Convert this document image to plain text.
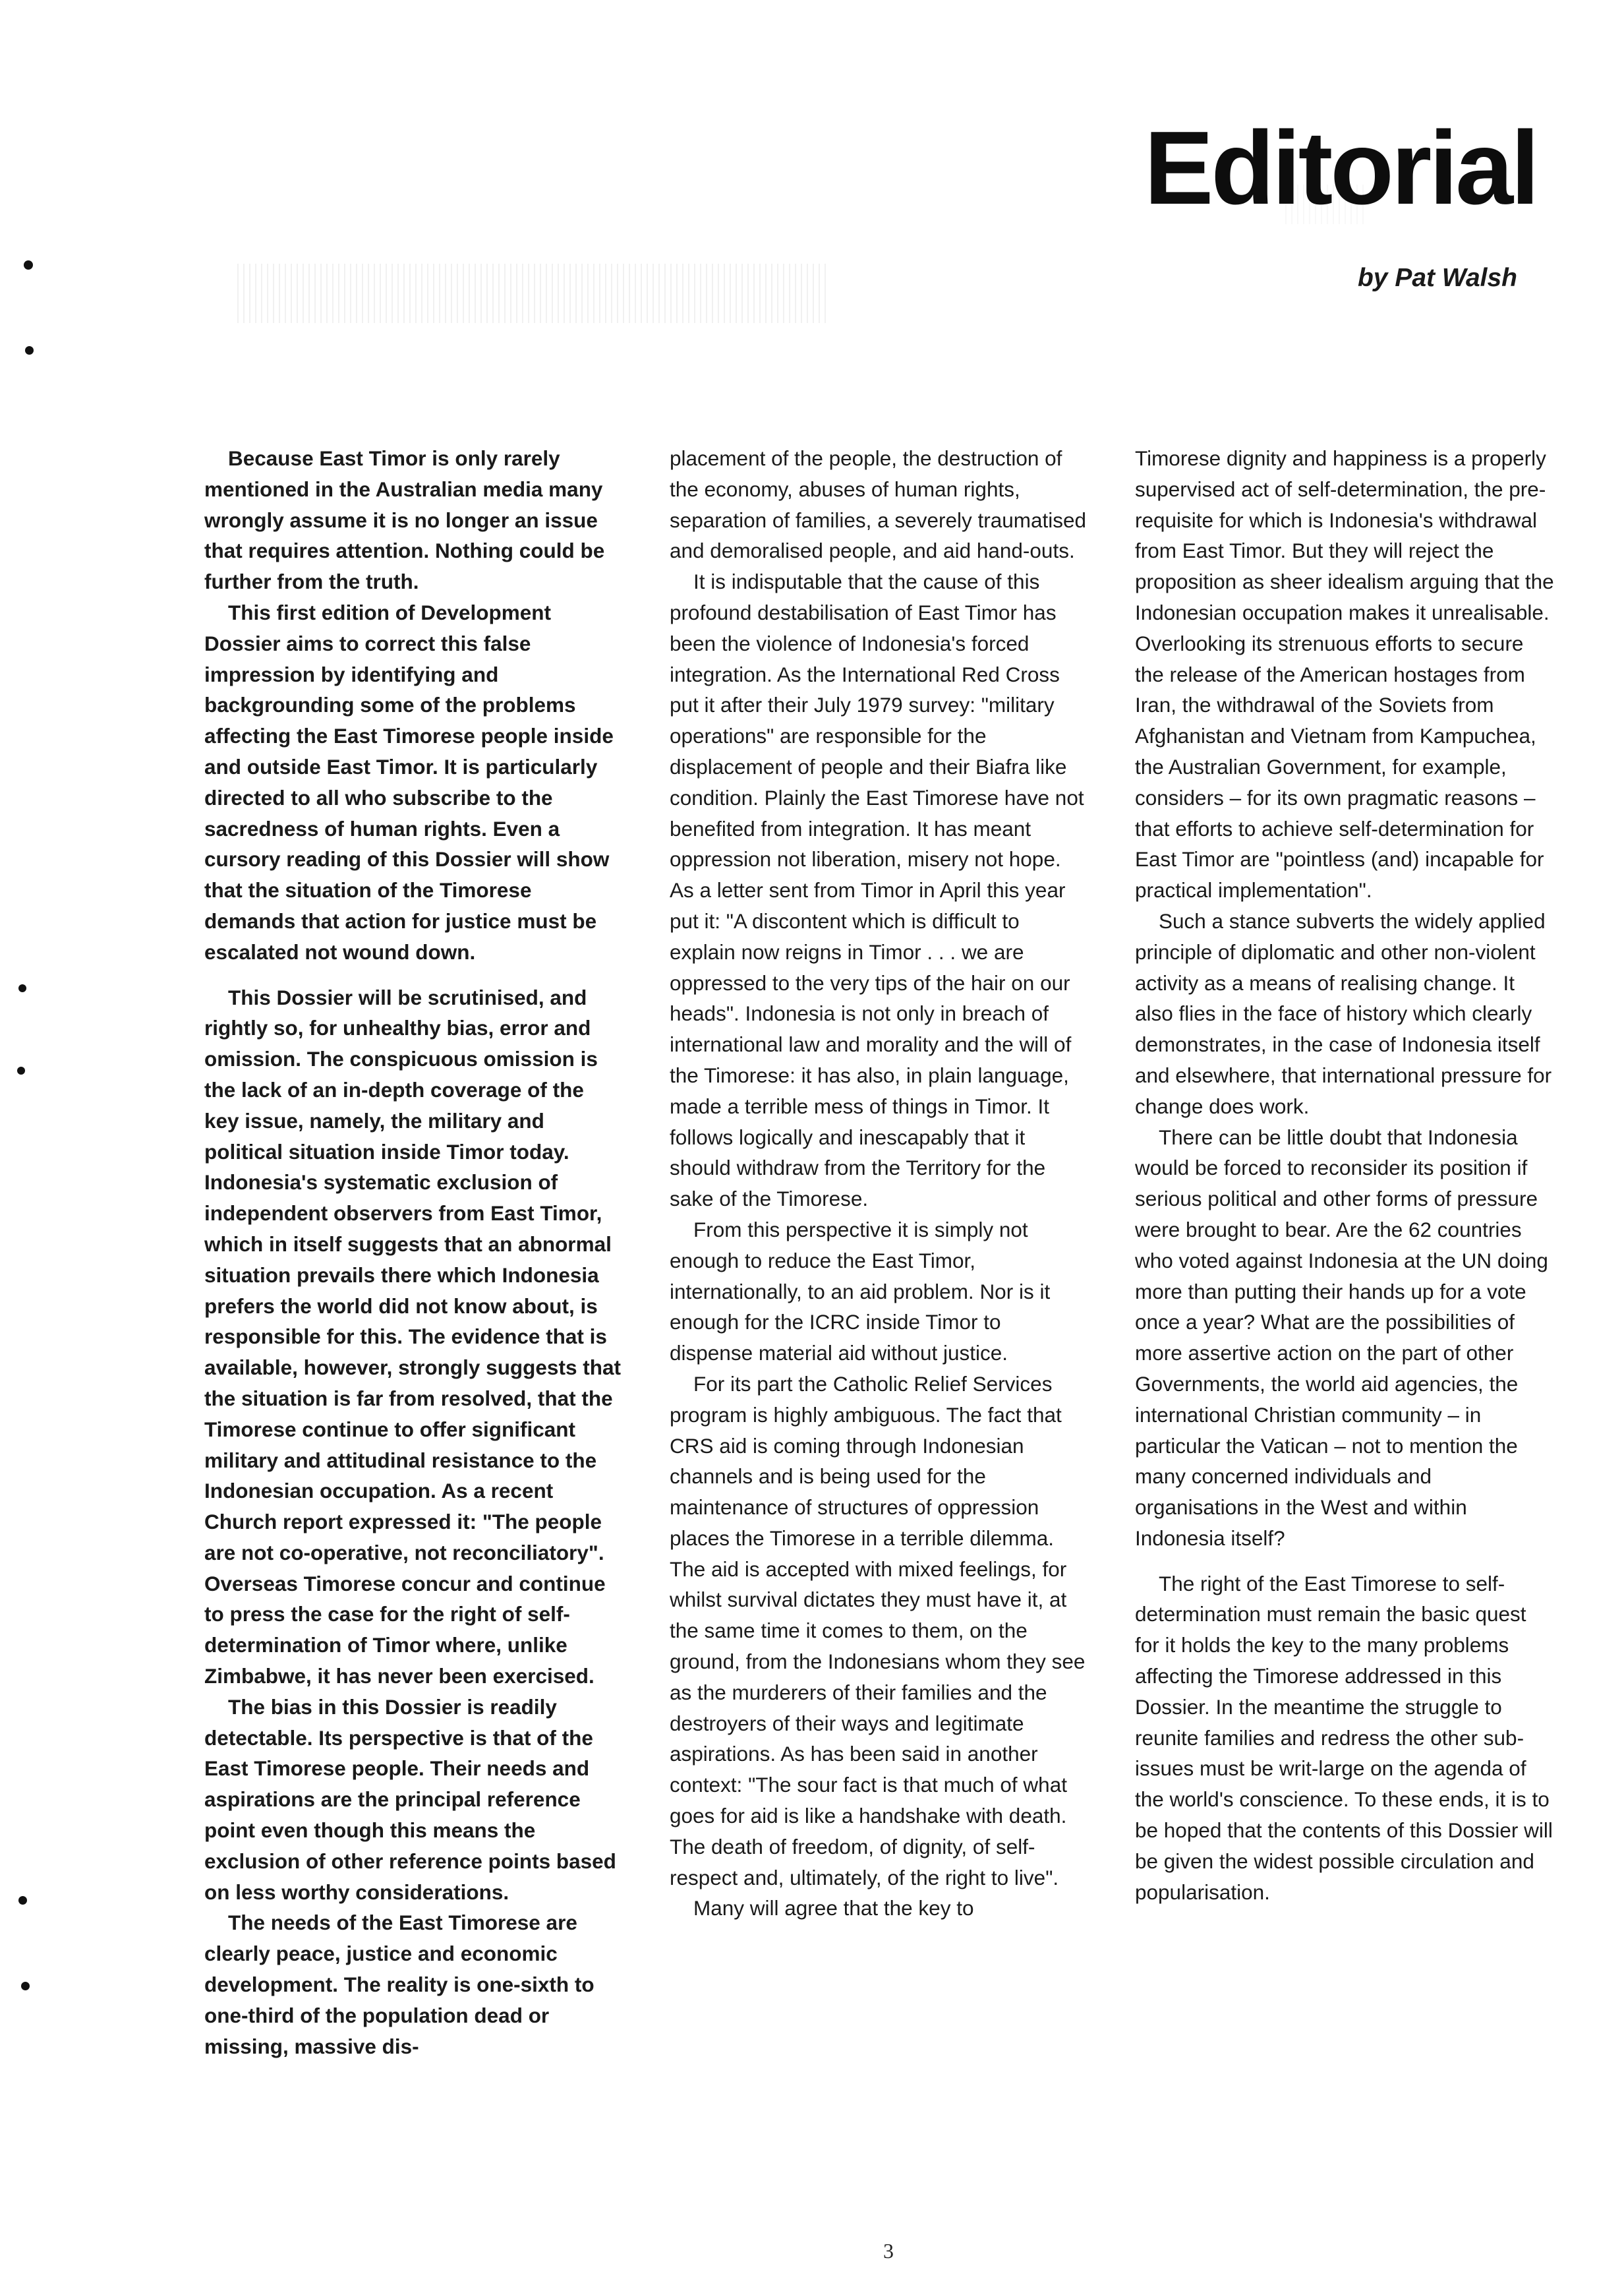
Editorial
by Pat Walsh

Because East Timor is only rarely mentioned in the Australian media many wrongly assume it is no longer an issue that requires attention. Nothing could be further from the truth.

This first edition of Development Dossier aims to correct this false impression by identifying and backgrounding some of the problems affecting the East Timorese people inside and outside East Timor. It is particularly directed to all who subscribe to the sacredness of human rights. Even a cursory reading of this Dossier will show that the situation of the Timorese demands that action for justice must be escalated not wound down.

This Dossier will be scrutinised, and rightly so, for unhealthy bias, error and omission. The conspicuous omission is the lack of an in-depth coverage of the key issue, namely, the military and political situation inside Timor today. Indonesia's systematic exclusion of independent observers from East Timor, which in itself suggests that an abnormal situation prevails there which Indonesia prefers the world did not know about, is responsible for this. The evidence that is available, however, strongly suggests that the situation is far from resolved, that the Timorese continue to offer significant military and attitudinal resistance to the Indonesian occupation. As a recent Church report expressed it: "The people are not co-operative, not reconciliatory". Overseas Timorese concur and continue to press the case for the right of self-determination of Timor where, unlike Zimbabwe, it has never been exercised.

The bias in this Dossier is readily detectable. Its perspective is that of the East Timorese people. Their needs and aspirations are the principal reference point even though this means the exclusion of other reference points based on less worthy considerations.

The needs of the East Timorese are clearly peace, justice and economic development. The reality is one-sixth to one-third of the population dead or missing, massive dis-

placement of the people, the destruction of the economy, abuses of human rights, separation of families, a severely traumatised and demoralised people, and aid hand-outs.

It is indisputable that the cause of this profound destabilisation of East Timor has been the violence of Indonesia's forced integration. As the International Red Cross put it after their July 1979 survey: "military operations" are responsible for the displacement of people and their Biafra like condition. Plainly the East Timorese have not benefited from integration. It has meant oppression not liberation, misery not hope. As a letter sent from Timor in April this year put it: "A discontent which is difficult to explain now reigns in Timor . . . we are oppressed to the very tips of the hair on our heads". Indonesia is not only in breach of international law and morality and the will of the Timorese: it has also, in plain language, made a terrible mess of things in Timor. It follows logically and inescapably that it should withdraw from the Territory for the sake of the Timorese.

From this perspective it is simply not enough to reduce the East Timor, internationally, to an aid problem. Nor is it enough for the ICRC inside Timor to dispense material aid without justice.

For its part the Catholic Relief Services program is highly ambiguous. The fact that CRS aid is coming through Indonesian channels and is being used for the maintenance of structures of oppression places the Timorese in a terrible dilemma. The aid is accepted with mixed feelings, for whilst survival dictates they must have it, at the same time it comes to them, on the ground, from the Indonesians whom they see as the murderers of their families and the destroyers of their ways and legitimate aspirations. As has been said in another context: "The sour fact is that much of what goes for aid is like a handshake with death. The death of freedom, of dignity, of self-respect and, ultimately, of the right to live".

Many will agree that the key to

Timorese dignity and happiness is a properly supervised act of self-determination, the pre-requisite for which is Indonesia's withdrawal from East Timor. But they will reject the proposition as sheer idealism arguing that the Indonesian occupation makes it unrealisable. Overlooking its strenuous efforts to secure the release of the American hostages from Iran, the withdrawal of the Soviets from Afghanistan and Vietnam from Kampuchea, the Australian Government, for example, considers – for its own pragmatic reasons – that efforts to achieve self-determination for East Timor are "pointless (and) incapable for practical implementation".

Such a stance subverts the widely applied principle of diplomatic and other non-violent activity as a means of realising change. It also flies in the face of history which clearly demonstrates, in the case of Indonesia itself and elsewhere, that international pressure for change does work.

There can be little doubt that Indonesia would be forced to reconsider its position if serious political and other forms of pressure were brought to bear. Are the 62 countries who voted against Indonesia at the UN doing more than putting their hands up for a vote once a year? What are the possibilities of more assertive action on the part of other Governments, the world aid agencies, the international Christian community – in particular the Vatican – not to mention the many concerned individuals and organisations in the West and within Indonesia itself?

The right of the East Timorese to self-determination must remain the basic quest for it holds the key to the many problems affecting the Timorese addressed in this Dossier. In the meantime the struggle to reunite families and redress the other sub-issues must be writ-large on the agenda of the world's conscience. To these ends, it is to be hoped that the contents of this Dossier will be given the widest possible circulation and popularisation.

3
